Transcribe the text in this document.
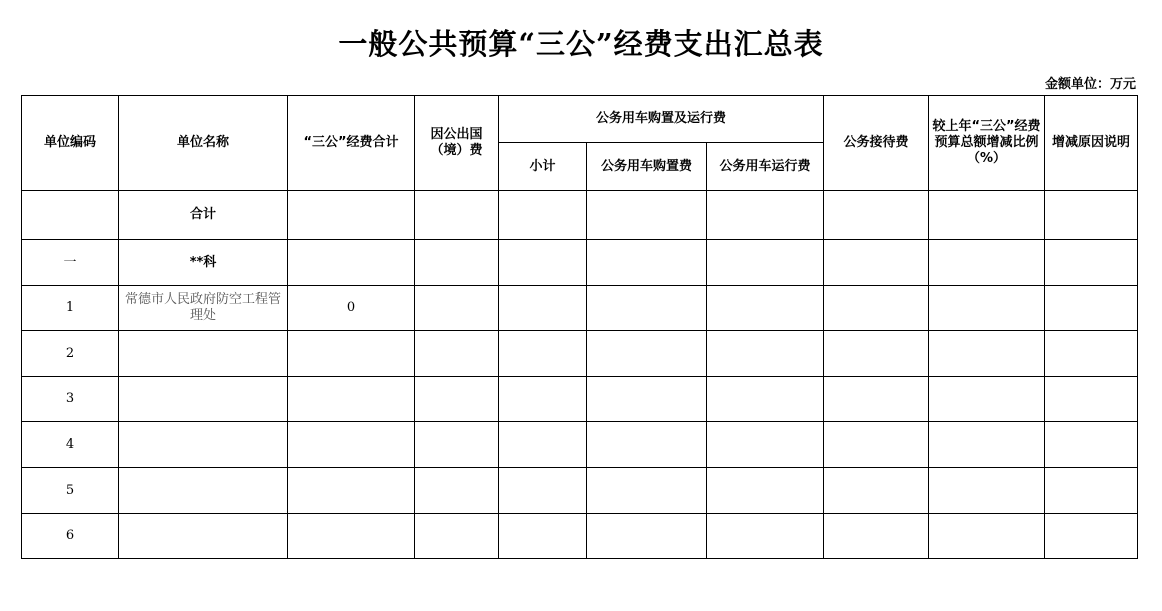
一般公共预算“三公”经费支出汇总表
金额单位：万元
单位编码	单位名称	“三公”经费合计	因公出国（境）费	公务用车购置及运行费			公务接待费	较上年“三公”经费预算总额增减比例（%）	增减原因说明
				小计	公务用车购置费	公务用车运行费			
	合计								
一	**科								
1	常德市人民政府防空工程管理处	0							
2									
3									
4									
5									
6									
